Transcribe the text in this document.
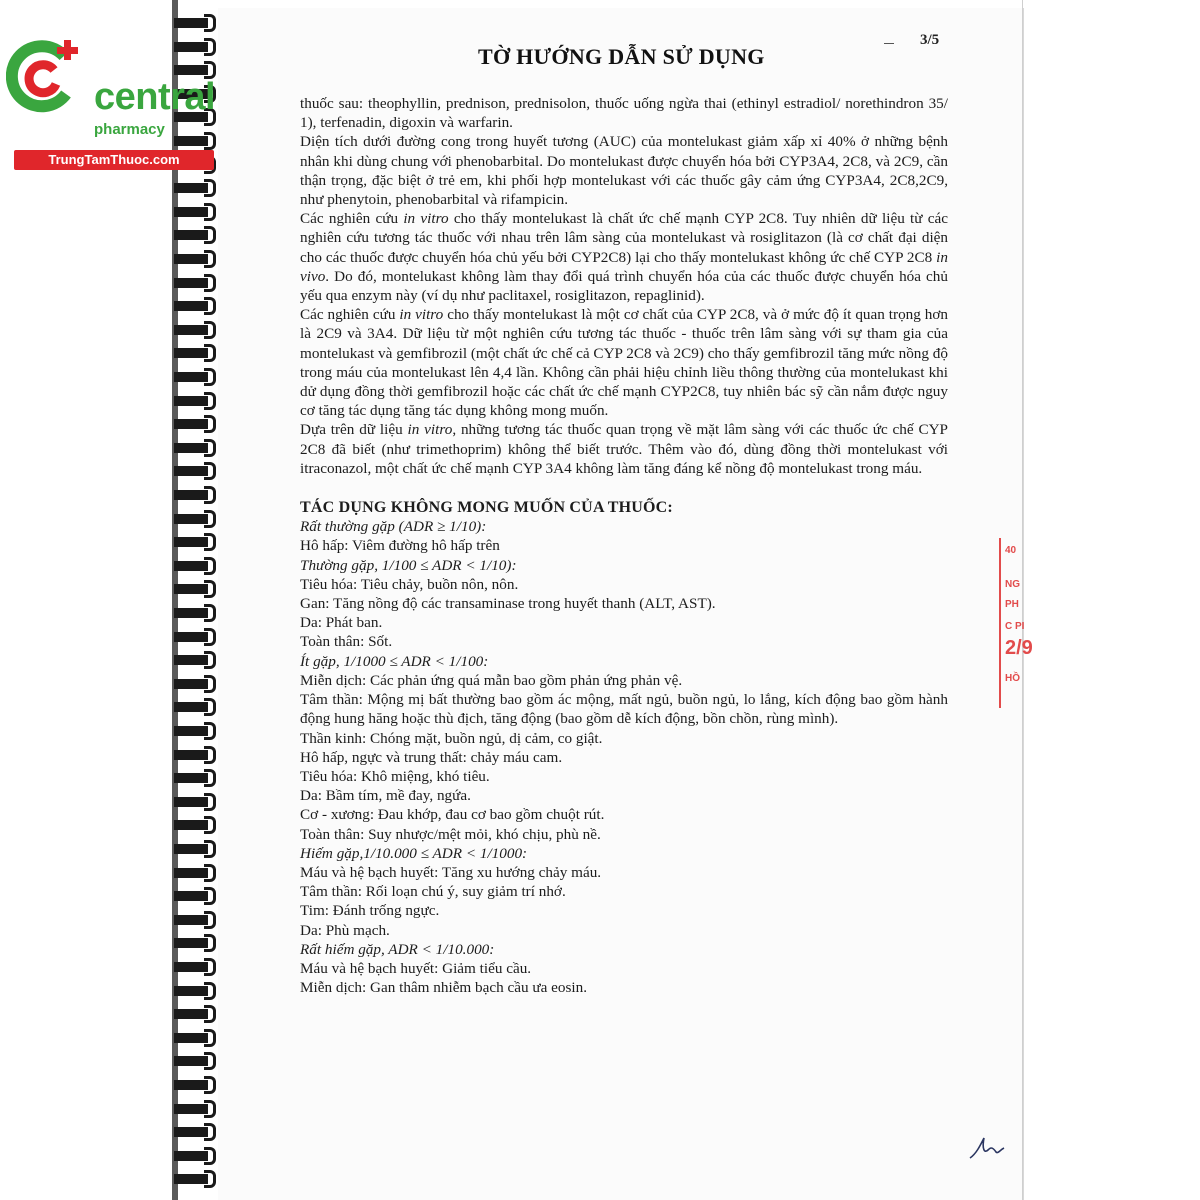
central
pharmacy
TrungTamThuoc.com
3/5
TỜ HƯỚNG DẪN SỬ DỤNG

thuốc sau: theophyllin, prednison, prednisolon, thuốc uống ngừa thai (ethinyl estradiol/ norethindron 35/ 1), terfenadin, digoxin và warfarin.

Diện tích dưới đường cong trong huyết tương (AUC) của montelukast giảm xấp xỉ 40% ở những bệnh nhân khi dùng chung với phenobarbital. Do montelukast được chuyển hóa bởi CYP3A4, 2C8, và 2C9, cần thận trọng, đặc biệt ở trẻ em, khi phối hợp montelukast với các thuốc gây cảm ứng CYP3A4, 2C8,2C9, như phenytoin, phenobarbital và rifampicin.

Các nghiên cứu in vitro cho thấy montelukast là chất ức chế mạnh CYP 2C8. Tuy nhiên dữ liệu từ các nghiên cứu tương tác thuốc với nhau trên lâm sàng của montelukast và rosiglitazon (là cơ chất đại diện cho các thuốc được chuyển hóa chủ yếu bởi CYP2C8) lại cho thấy montelukast không ức chế CYP 2C8 in vivo. Do đó, montelukast không làm thay đổi quá trình chuyển hóa của các thuốc được chuyển hóa chủ yếu qua enzym này (ví dụ như paclitaxel, rosiglitazon, repaglinid).

Các nghiên cứu in vitro cho thấy montelukast là một cơ chất của CYP 2C8, và ở mức độ ít quan trọng hơn là 2C9 và 3A4. Dữ liệu từ một nghiên cứu tương tác thuốc - thuốc trên lâm sàng với sự tham gia của montelukast và gemfibrozil (một chất ức chế cả CYP 2C8 và 2C9) cho thấy gemfibrozil tăng mức nồng độ trong máu của montelukast lên 4,4 lần. Không cần phải hiệu chỉnh liều thông thường của montelukast khi dử dụng đồng thời gemfibrozil hoặc các chất ức chế mạnh CYP2C8, tuy nhiên bác sỹ cần nắm được nguy cơ tăng tác dụng tăng tác dụng không mong muốn.

Dựa trên dữ liệu in vitro, những tương tác thuốc quan trọng về mặt lâm sàng với các thuốc ức chế CYP 2C8 đã biết (như trimethoprim) không thể biết trước. Thêm vào đó, dùng đồng thời montelukast với itraconazol, một chất ức chế mạnh CYP 3A4 không làm tăng đáng kể nồng độ montelukast trong máu.

TÁC DỤNG KHÔNG MONG MUỐN CỦA THUỐC:

Rất thường gặp (ADR ≥ 1/10):

Hô hấp: Viêm đường hô hấp trên

Thường gặp, 1/100 ≤ ADR < 1/10):

Tiêu hóa: Tiêu chảy, buồn nôn, nôn.

Gan: Tăng nồng độ các transaminase trong huyết thanh (ALT, AST).

Da: Phát ban.

Toàn thân: Sốt.

Ít gặp, 1/1000 ≤ ADR < 1/100:

Miễn dịch: Các phản ứng quá mẫn bao gồm phản ứng phản vệ.

Tâm thần: Mộng mị bất thường bao gồm ác mộng, mất ngủ, buồn ngủ, lo lắng, kích động bao gồm hành động hung hăng hoặc thù địch, tăng động (bao gồm dễ kích động, bồn chồn, rùng mình).

Thần kinh: Chóng mặt, buồn ngủ, dị cảm, co giật.

Hô hấp, ngực và trung thất: chảy máu cam.

Tiêu hóa: Khô miệng, khó tiêu.

Da: Bầm tím, mề đay, ngứa.

Cơ - xương: Đau khớp, đau cơ bao gồm chuột rút.

Toàn thân: Suy nhược/mệt mỏi, khó chịu, phù nề.

Hiếm gặp,1/10.000 ≤ ADR < 1/1000:

Máu và hệ bạch huyết: Tăng xu hướng chảy máu.

Tâm thần: Rối loạn chú ý, suy giảm trí nhớ.

Tim: Đánh trống ngực.

Da: Phù mạch.

Rất hiếm gặp, ADR < 1/10.000:

Máu và hệ bạch huyết: Giảm tiểu cầu.

Miễn dịch: Gan thâm nhiễm bạch cầu ưa eosin.

40
NG
PH
C PI
2/9
HỒ
